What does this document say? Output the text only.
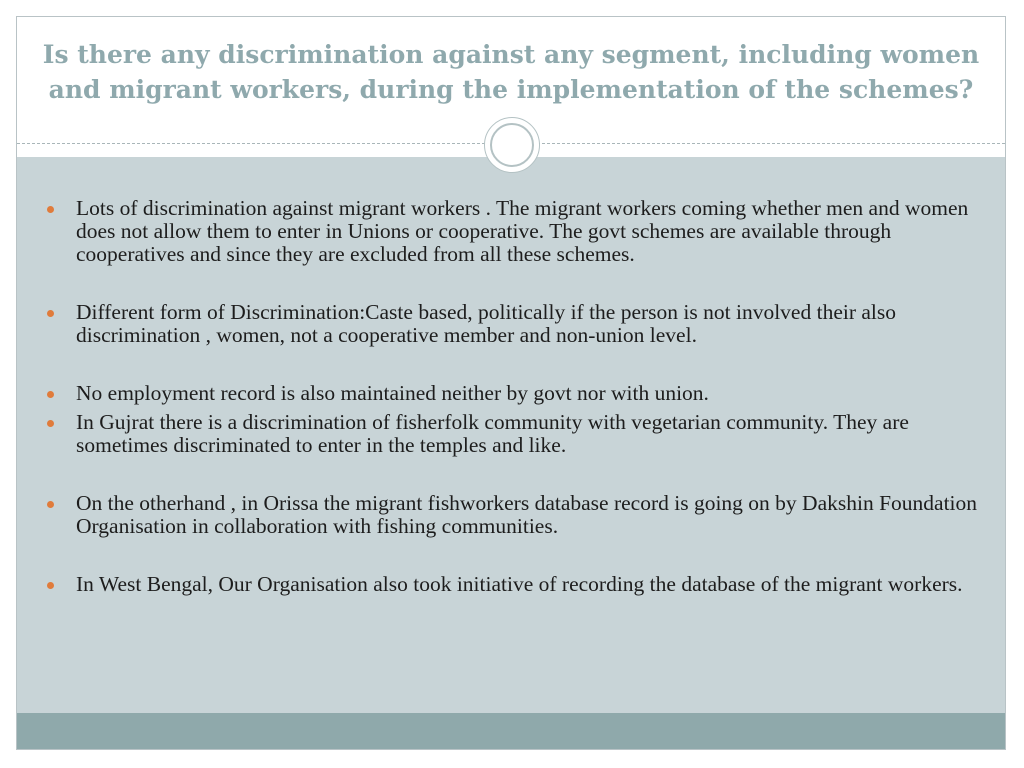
Is there any discrimination against any segment, including women and migrant workers, during the implementation of the schemes?
Lots of discrimination against migrant workers . The migrant workers coming whether men and women does not allow them to enter in Unions or cooperative. The govt schemes are available through cooperatives and since they are excluded from all these schemes.
Different form of Discrimination:Caste based, politically if the person is not involved their also discrimination , women, not a cooperative member and non-union level.
No employment record is also maintained neither by govt nor with union.
In Gujrat there is a discrimination of fisherfolk community with vegetarian community. They are sometimes discriminated to enter in the temples and like.
On the otherhand , in Orissa the migrant fishworkers database record is going on by Dakshin Foundation Organisation in collaboration with fishing communities.
In West Bengal, Our Organisation also took initiative of recording the database of the migrant workers.
